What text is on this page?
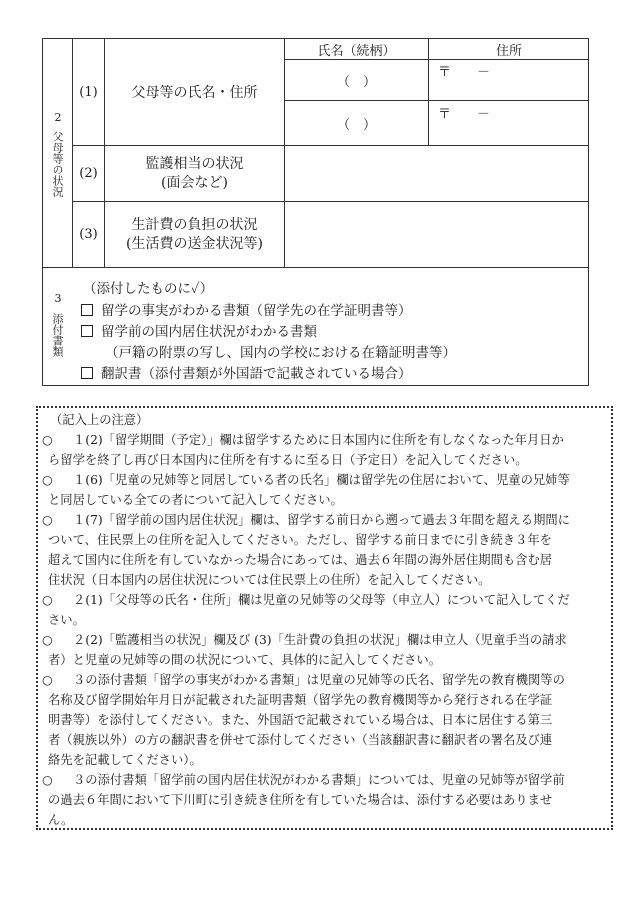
2
父母等の状況
氏名（続柄）	住所
(1)	父母等の氏名・住所
（　）
（　）
〒　　－
〒　　－
(2)
監護相当の状況
(面会など)
(3)
生計費の負担の状況
(生活費の送金状況等)
3
添付書類
（添付したものに✓）
留学の事実がわかる書類（留学先の在学証明書等）
留学前の国内居住状況がわかる書類
（戸籍の附票の写し、国内の学校における在籍証明書等）
翻訳書（添付書類が外国語で記載されている場合）
（記入上の注意）
○ １(2)「留学期間（予定）」欄は留学するために日本国内に住所を有しなくなった年月日か
ら留学を終了し再び日本国内に住所を有するに至る日（予定日）を記入してください。
○ １(6)「児童の兄姉等と同居している者の氏名」欄は留学先の住居において、児童の兄姉等
と同居している全ての者について記入してください。
○ １(7)「留学前の国内居住状況」欄は、留学する前日から遡って過去３年間を超える期間に
ついて、住民票上の住所を記入してください。ただし、留学する前日までに引き続き３年を
超えて国内に住所を有していなかった場合にあっては、過去６年間の海外居住期間も含む居
住状況（日本国内の居住状況については住民票上の住所）を記入してください。
○ ２(1)「父母等の氏名・住所」欄は児童の兄姉等の父母等（申立人）について記入してくだ
さい。
○ ２(2)「監護相当の状況」欄及び (3)「生計費の負担の状況」欄は申立人（児童手当の請求
者）と児童の兄姉等の間の状況について、具体的に記入してください。
○ ３の添付書類「留学の事実がわかる書類」は児童の兄姉等の氏名、留学先の教育機関等の
名称及び留学開始年月日が記載された証明書類（留学先の教育機関等から発行される在学証
明書等）を添付してください。また、外国語で記載されている場合は、日本に居住する第三
者（親族以外）の方の翻訳書を併せて添付してください（当該翻訳書に翻訳者の署名及び連
絡先を記載してください）。
○ ３の添付書類「留学前の国内居住状況がわかる書類」については、児童の兄姉等が留学前
の過去６年間において下川町に引き続き住所を有していた場合は、添付する必要はありませ
ん。
